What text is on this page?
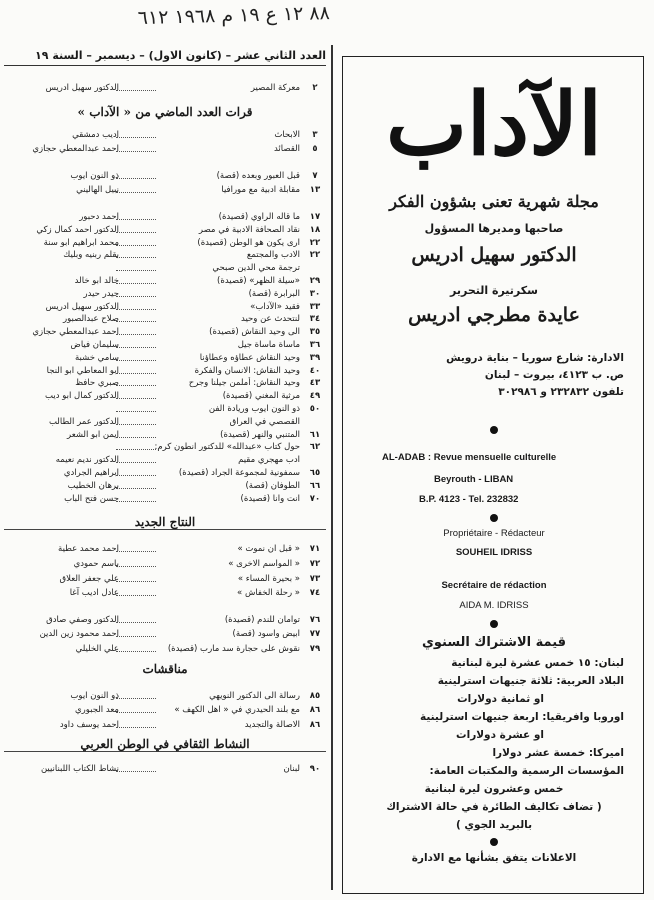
٨٨ ١٢ ع ١٩ م ١٩٦٨ ٦١٢
العدد الثاني عشر – (كانون الاول) – ديسمبر – السنة ١٩
٢
معركة المصير
الدكتور سهيل ادريس
قرات العدد الماضي من « الآداب »
٣
الابحاث
اديب دمشقي
٥
القصائد
احمد عبدالمعطي حجازي
٧
قبل العبور وبعده (قصة)
ذو النون ايوب
١٣
مقابلة ادبية مع مورافيا
نبيل الهاليني
١٧
ما قاله الراوي (قصيدة)
احمد دحبور
١٨
نقاد الصحافة الادبية في مصر
الدكتور احمد كمال زكي
٢٢
ارى يكون هو الوطن (قصيدة)
محمد ابراهيم ابو سنة
٢٢
الادب والمجتمع
بقلم ربنيه وبليك
ترجمة محي الدين صبحي
٢٩
«سيلة الظهر» (قصيدة)
خالد ابو خالد
٣٠
البرابرة (قصة)
حيدر حيدر
٣٣
فقيد «الآداب»
الدكتور سهيل ادريس
٣٤
لنتحدث عن وحيد
صلاح عبدالصبور
٣٥
الى وحيد النقاش (قصيدة)
احمد عبدالمعطي حجازي
٣٦
ماساة ماساة جيل
سليمان فياض
٣٩
وحيد النقاش عطاؤه وعطاؤنا
سامي خشبة
٤٠
وحيد النقاش: الانسان والفكرة
ابو المعاطي ابو النجا
٤٣
وحيد النقاش: أملمن جيلنا وجرح
صبري حافظ
٤٩
مرثية المغني (قصيدة)
الدكتور كمال ابو ديب
٥٠
ذو النون ايوب وريادة الفن
القصصي في العراق
الدكتور عمر الطالب
٦١
المتنبي والنهر (قصيدة)
ايمن ابو الشعر
٦٢
حول كتاب «عبدالله» للدكتور انطون كرم:
ادب مهجري مقيم
الدكتور نديم نعيمه
٦٥
سمفونية لمجموعة الجراد (قصيدة)
ابراهيم الجرادي
٦٦
الطوفان (قصة)
برهان الخطيب
٧٠
انت وانا (قصيدة)
حسن فتح الباب
النتاج الجديد
٧١
« قبل ان نموت »
احمد محمد عطية
٧٢
« المواسم الاخرى »
باسم حمودي
٧٣
« بحيرة المساء »
علي جعفر العلاق
٧٤
« رحلة الخفاش »
عادل اديب آغا
٧٦
توامان للندم (قصيدة)
الدكتور وصفي صادق
٧٧
ابيض واسود (قصة)
احمد محمود زين الدين
٧٩
نقوش على حجارة سد مارب (قصيدة)
علي الخليلي
مناقشات
٨٥
رسالة الى الدكتور النويهي
ذو النون ايوب
٨٦
مع بلند الحيدري في « اهل الكهف »
معد الجبوري
٨٦
الاصالة والتجديد
احمد يوسف داود
النشاط الثقافي في الوطن العربي
٩٠
لبنان
نشاط الكتاب اللبنانيين
الآداب
مجلة شهرية تعنى بشؤون الفكر
صاحبها ومديرها المسؤول
الدكتور سهيل ادريس
سكرتيرة التحرير
عايدة مطرجي ادريس
الادارة: شارع سوريا – بناية درويش
ص. ب ٤١٢٣، بيروت – لبنان
تلفون ٢٣٢٨٣٢ و ٣٠٢٩٨٦
AL-ADAB : Revue mensuelle culturelle
Beyrouth - LIBAN
B.P. 4123 - Tel. 232832
Propriétaire - Rédacteur
SOUHEIL IDRISS
Secrétaire de rédaction
AIDA M. IDRISS
قيمة الاشتراك السنوي
لبنان: ١٥ خمس عشرة ليرة لبنانية
البلاد العربية: ثلاثة جنيهات استرلينية
او ثمانية دولارات
اوروبا وافريقيا: اربعة جنيهات استرلينية
او عشرة دولارات
اميركا: خمسة عشر دولارا
المؤسسات الرسمية والمكتبات العامة:
خمس وعشرون ليرة لبنانية
( تضاف تكاليف الطائرة في حالة الاشتراك
بالبريد الجوي )
الاعلانات يتفق بشأنها مع الادارة
